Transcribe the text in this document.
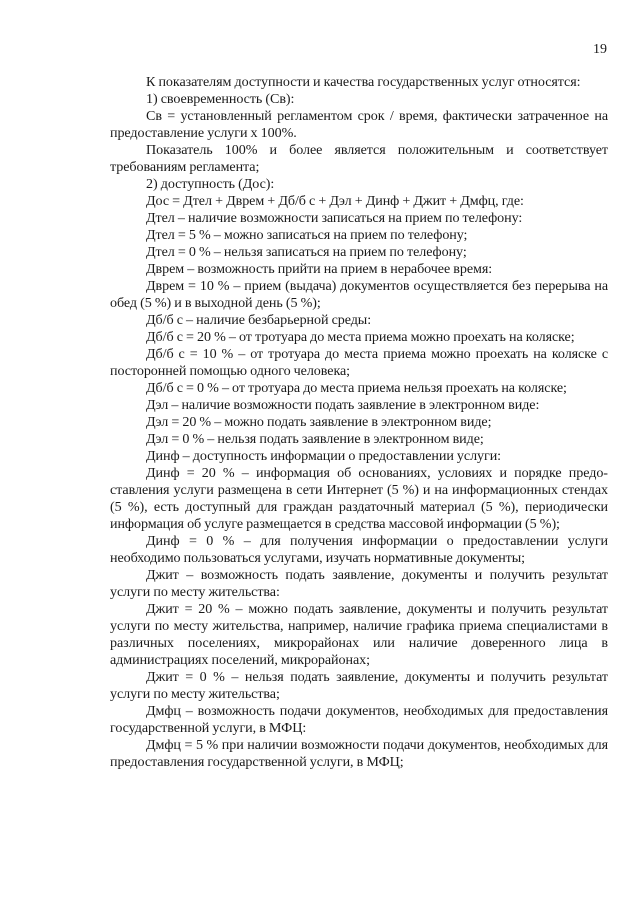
19

К показателям доступности и качества государственных услуг относятся:

1) своевременность (Св):

Св = установленный регламентом срок / время, фактически затраченное на предоставление услуги х 100%.

Показатель 100% и более является положительным и соответствует требованиям регламента;

2) доступность (Дос):

Дос = Дтел + Дврем + Дб/б с + Дэл + Динф + Джит + Дмфц, где:

Дтел – наличие возможности записаться на прием по телефону:

Дтел = 5 % – можно записаться на прием по телефону;

Дтел = 0 % – нельзя записаться на прием по телефону;

Дврем – возможность прийти на прием в нерабочее время:

Дврем = 10 % – прием (выдача) документов осуществляется без перерыва на обед (5 %) и в выходной день (5 %);

Дб/б с – наличие безбарьерной среды:

Дб/б с = 20 % – от тротуара до места приема можно проехать на коляске;

Дб/б с = 10 % – от тротуара до места приема можно проехать на коляске с посторонней помощью одного человека;

Дб/б с = 0 % – от тротуара до места приема нельзя проехать на коляске;

Дэл – наличие возможности подать заявление в электронном виде:

Дэл = 20 % – можно подать заявление в электронном виде;

Дэл = 0 % – нельзя подать заявление в электронном виде;

Динф – доступность информации о предоставлении услуги:

Динф = 20 % – информация об основаниях, условиях и порядке предоставления услуги размещена в сети Интернет (5 %) и на информационных стендах (5 %), есть доступный для граждан раздаточный материал (5 %), периодически информация об услуге размещается в средства массовой информации (5 %);

Динф = 0 % – для получения информации о предоставлении услуги необходимо пользоваться услугами, изучать нормативные документы;

Джит – возможность подать заявление, документы и получить результат услуги по месту жительства:

Джит = 20 % – можно подать заявление, документы и получить результат услуги по месту жительства, например, наличие графика приема специалистами в различных поселениях, микрорайонах или наличие доверенного лица в администрациях поселений, микрорайонах;

Джит = 0 % – нельзя подать заявление, документы и получить результат услуги по месту жительства;

Дмфц – возможность подачи документов, необходимых для предоставления государственной услуги, в МФЦ:

Дмфц = 5 % при наличии возможности подачи документов, необходимых для предоставления государственной услуги, в МФЦ;
